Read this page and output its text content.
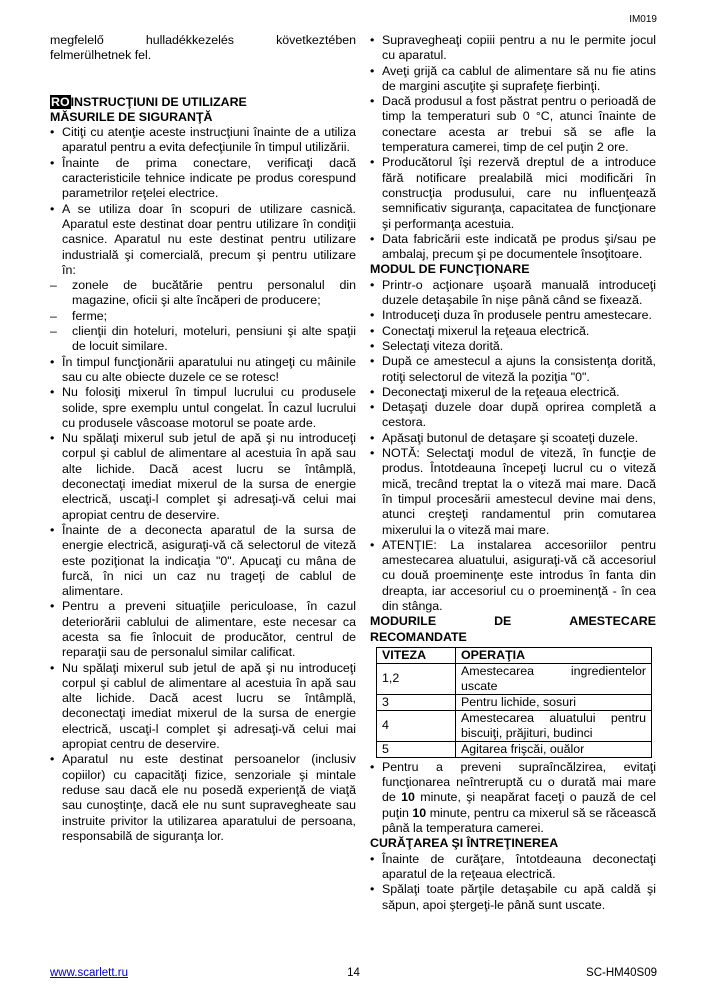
IM019

megfelelő hulladékkezelés következtében felmerülhetnek fel.

ROINSTRUCŢIUNI DE UTILIZARE

MĂSURILE DE SIGURANŢĂ

• Citiţi cu atenţie aceste instrucţiuni înainte de a utiliza aparatul pentru a evita defecţiunile în timpul utilizării.
• Înainte de prima conectare, verificaţi dacă caracteristicile tehnice indicate pe produs corespund parametrilor reţelei electrice.
• A se utiliza doar în scopuri de utilizare casnică. Aparatul este destinat doar pentru utilizare în condiţii casnice. Aparatul nu este destinat pentru utilizare industrială şi comercială, precum şi pentru utilizare în:
– zonele de bucătărie pentru personalul din magazine, oficii şi alte încăperi de producere;
– ferme;
– clienţii din hoteluri, moteluri, pensiuni şi alte spaţii de locuit similare.
• În timpul funcţionării aparatului nu atingeţi cu mâinile sau cu alte obiecte duzele ce se rotesc!
• Nu folosiţi mixerul în timpul lucrului cu produsele solide, spre exemplu untul congelat. În cazul lucrului cu produsele vâscoase motorul se poate arde.
• Nu spălaţi mixerul sub jetul de apă şi nu introduceţi corpul şi cablul de alimentare al acestuia în apă sau alte lichide. Dacă acest lucru se întâmplă, deconectaţi imediat mixerul de la sursa de energie electrică, uscaţi-l complet şi adresaţi-vă celui mai apropiat centru de deservire.
• Înainte de a deconecta aparatul de la sursa de energie electrică, asiguraţi-vă că selectorul de viteză este poziţionat la indicaţia "0". Apucaţi cu mâna de furcă, în nici un caz nu trageţi de cablul de alimentare.
• Pentru a preveni situaţiile periculoase, în cazul deteriorării cablului de alimentare, este necesar ca acesta sa fie înlocuit de producător, centrul de reparaţii sau de personalul similar calificat.
• Nu spălaţi mixerul sub jetul de apă şi nu introduceţi corpul şi cablul de alimentare al acestuia în apă sau alte lichide. Dacă acest lucru se întâmplă, deconectaţi imediat mixerul de la sursa de energie electrică, uscaţi-l complet şi adresaţi-vă celui mai apropiat centru de deservire.
• Aparatul nu este destinat persoanelor (inclusiv copiilor) cu capacităţi fizice, senzoriale şi mintale reduse sau dacă ele nu posedă experienţă de viaţă sau cunoştinţe, dacă ele nu sunt supravegheate sau instruite privitor la utilizarea aparatului de persoana, responsabilă de siguranţa lor.
• Supravegheaţi copiii pentru a nu le permite jocul cu aparatul.
• Aveţi grijă ca cablul de alimentare să nu fie atins de margini ascuţite şi suprafeţe fierbinţi.
• Dacă produsul a fost păstrat pentru o perioadă de timp la temperaturi sub 0 °C, atunci înainte de conectare acesta ar trebui să se afle la temperatura camerei, timp de cel puţin 2 ore.
• Producătorul îşi rezervă dreptul de a introduce fără notificare prealabilă mici modificări în construcţia produsului, care nu influenţează semnificativ siguranţa, capacitatea de funcţionare şi performanţa acestuia.
• Data fabricării este indicată pe produs şi/sau pe ambalaj, precum şi pe documentele însoţitoare.

MODUL DE FUNCŢIONARE

• Printr-o acţionare uşoară manuală introduceţi duzele detaşabile în nişe până când se fixează.
• Introduceţi duza în produsele pentru amestecare.
• Conectaţi mixerul la reţeaua electrică.
• Selectaţi viteza dorită.
• După ce amestecul a ajuns la consistenţa dorită, rotiţi selectorul de viteză la poziţia "0".
• Deconectaţi mixerul de la reţeaua electrică.
• Detaşaţi duzele doar după oprirea completă a cestora.
• Apăsaţi butonul de detaşare şi scoateţi duzele.
• NOTĂ: Selectaţi modul de viteză, în funcţie de produs. Întotdeauna începeţi lucrul cu o viteză mică, trecând treptat la o viteză mai mare. Dacă în timpul procesării amestecul devine mai dens, atunci creşteţi randamentul prin comutarea mixerului la o viteză mai mare.
• ATENŢIE: La instalarea accesoriilor pentru amestecarea aluatului, asiguraţi-vă că accesoriul cu două proeminenţe este introdus în fanta din dreapta, iar accesoriul cu o proeminenţă - în cea din stânga.
MODURILE	DE	AMESTECARE

RECOMANDATE

VITEZA	OPERAŢIA
1,2	Amestecarea ingredientelor uscate
3	Pentru lichide, sosuri
4	Amestecarea aluatului pentru biscuiţi, prăjituri, budinci
5	Agitarea frişcăi, ouălor
• Pentru a preveni supraîncălzirea, evitaţi funcţionarea neîntreruptă cu o durată mai mare de 10 minute, şi neapărat faceţi o pauză de cel puţin 10 minute, pentru ca mixerul să se răcească până la temperatura camerei.

CURĂŢAREA ŞI ÎNTREŢINEREA

• Înainte de curăţare, întotdeauna deconectaţi aparatul de la reţeaua electrică.
• Spălaţi toate părţile detaşabile cu apă caldă şi săpun, apoi ştergeţi-le până sunt uscate.
14
www.scarlett.ru	SC-HM40S09
